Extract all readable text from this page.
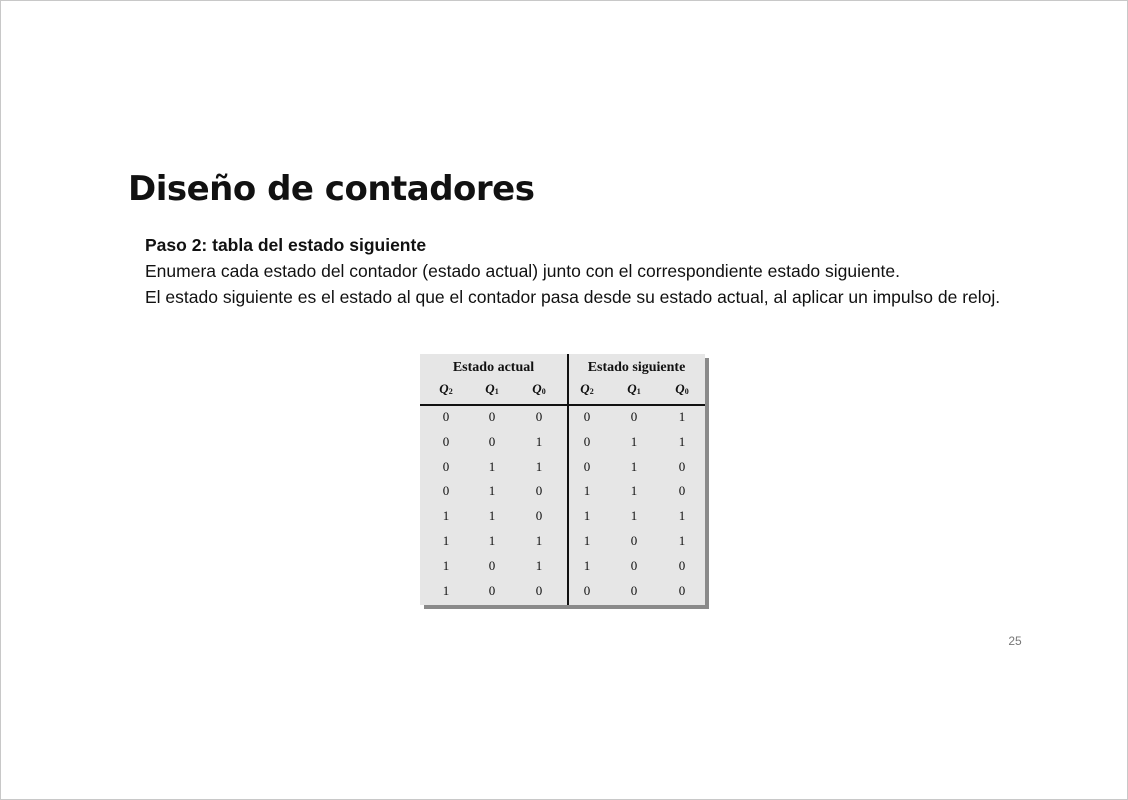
Diseño de contadores

Paso 2: tabla del estado siguiente

Enumera cada estado del contador (estado actual) junto con el correspondiente estado siguiente.

El estado siguiente es el estado al que el contador pasa desde su estado actual, al aplicar un impulso de reloj.

Estado actual	Estado siguiente
$Q_2$	$Q_1$	$Q_0$	$Q_2$	$Q_1$	$Q_0$
0	0	0	0	0	1
0	0	1	0	1	1
0	1	1	0	1	0
0	1	0	1	1	0
1	1	0	1	1	1
1	1	1	1	0	1
1	0	1	1	0	0
1	0	0	0	0	0
25
